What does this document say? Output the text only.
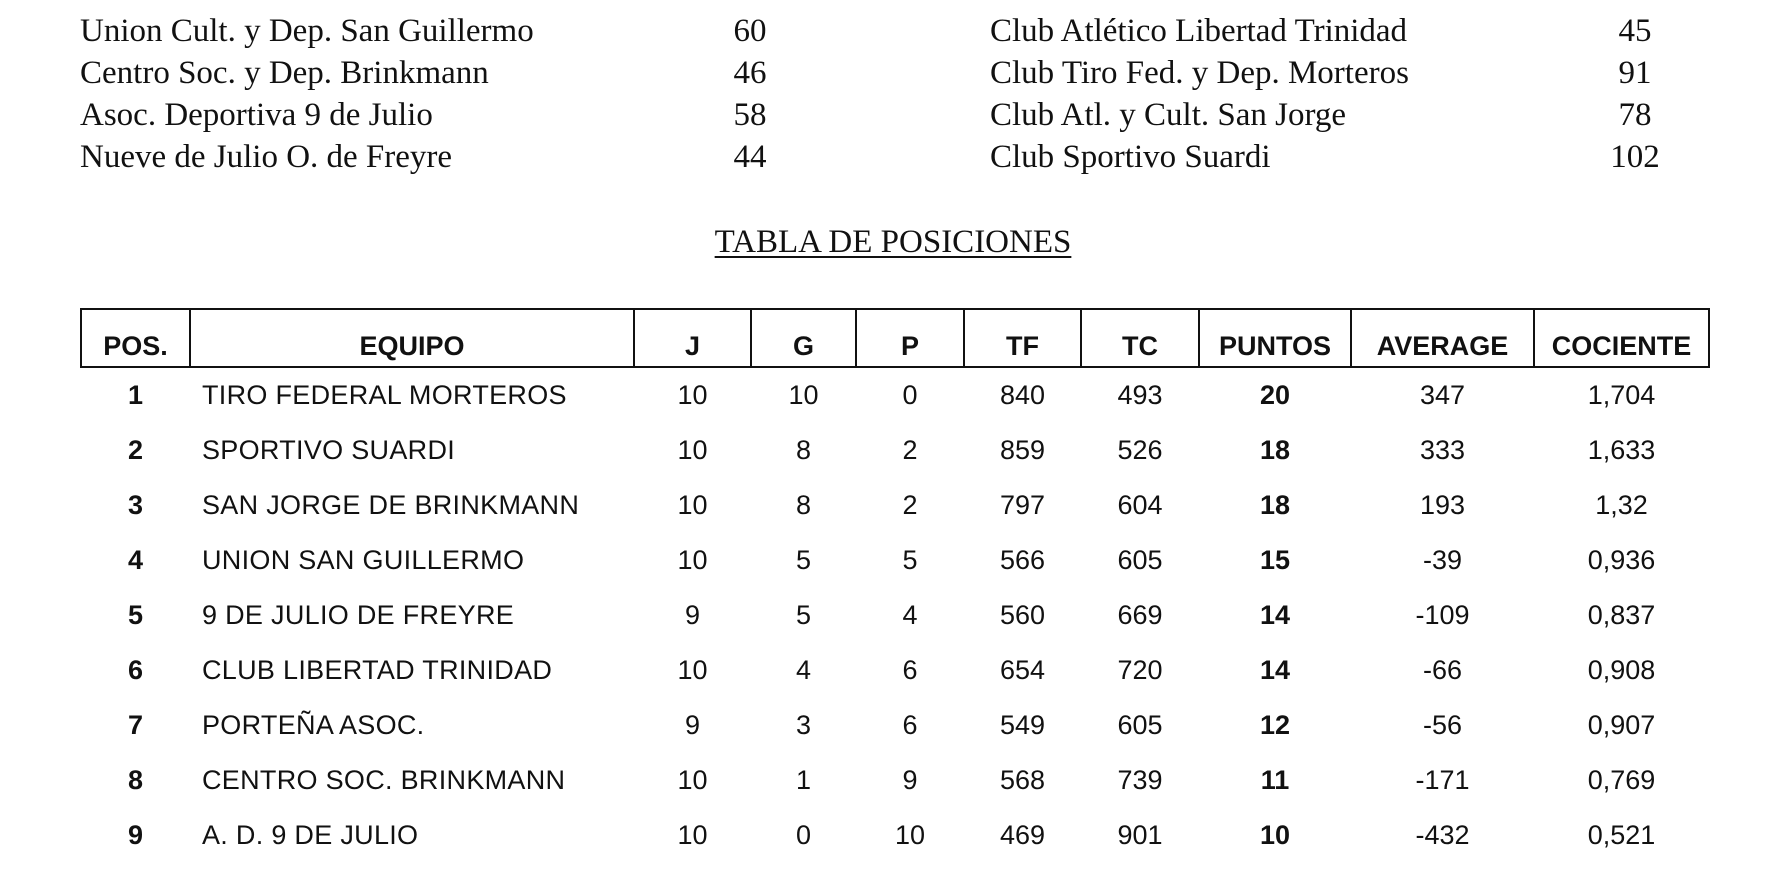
Union Cult. y Dep. San Guillermo	60	Club Atlético Libertad Trinidad	45
Centro Soc. y Dep. Brinkmann	46	Club Tiro Fed. y Dep. Morteros	91
Asoc. Deportiva 9 de Julio	58	Club Atl. y Cult. San Jorge	78
Nueve de Julio O. de Freyre	44	Club Sportivo Suardi	102
TABLA DE POSICIONES
POS.	EQUIPO	J	G	P	TF	TC	PUNTOS	AVERAGE	COCIENTE
1	TIRO FEDERAL MORTEROS	10	10	0	840	493	20	347	1,704
2	SPORTIVO SUARDI	10	8	2	859	526	18	333	1,633
3	SAN JORGE DE BRINKMANN	10	8	2	797	604	18	193	1,32
4	UNION SAN GUILLERMO	10	5	5	566	605	15	-39	0,936
5	9 DE JULIO DE FREYRE	9	5	4	560	669	14	-109	0,837
6	CLUB LIBERTAD TRINIDAD	10	4	6	654	720	14	-66	0,908
7	PORTEÑA ASOC.	9	3	6	549	605	12	-56	0,907
8	CENTRO SOC. BRINKMANN	10	1	9	568	739	11	-171	0,769
9	A. D. 9 DE JULIO	10	0	10	469	901	10	-432	0,521
